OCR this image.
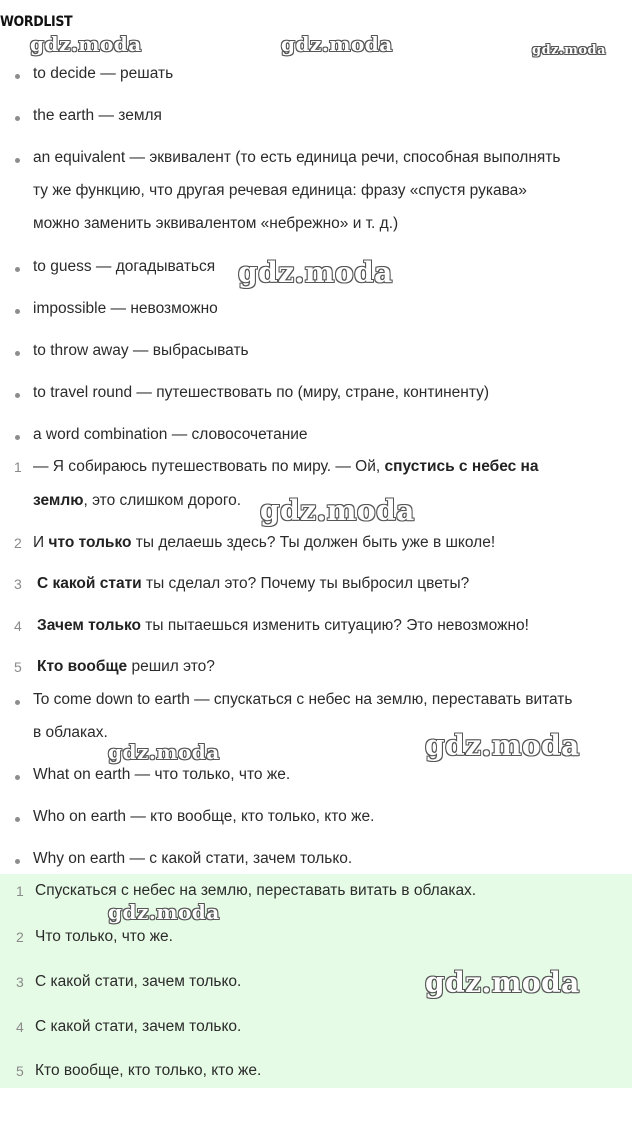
WORDLIST
to decide — решать
the earth — земля
an equivalent — эквивалент (то есть единица речи, способная выполнять
ту же функцию, что другая речевая единица: фразу «спустя рукава»
можно заменить эквивалентом «небрежно» и т. д.)
to guess — догадываться
impossible — невозможно
to throw away — выбрасывать
to travel round — путешествовать по (миру, стране, континенту)
a word combination — словосочетание
1 — Я собираюсь путешествовать по миру. — Ой, спустись с небес на
землю, это слишком дорого.
2 И что только ты делаешь здесь? Ты должен быть уже в школе!
3 С какой стати ты сделал это? Почему ты выбросил цветы?
4 Зачем только ты пытаешься изменить ситуацию? Это невозможно!
5 Кто вообще решил это?
To come down to earth — спускаться с небес на землю, переставать витать
в облаках.
What on earth — что только, что же.
Who on earth — кто вообще, кто только, кто же.
Why on earth — с какой стати, зачем только.
1 Спускаться с небес на землю, переставать витать в облаках.
2 Что только, что же.
3 С какой стати, зачем только.
4 С какой стати, зачем только.
5 Кто вообще, кто только, кто же.
gdz.moda	gdz.moda	gdz.moda
gdz.moda
gdz.moda
gdz.moda	gdz.moda
gdz.moda
gdz.moda
